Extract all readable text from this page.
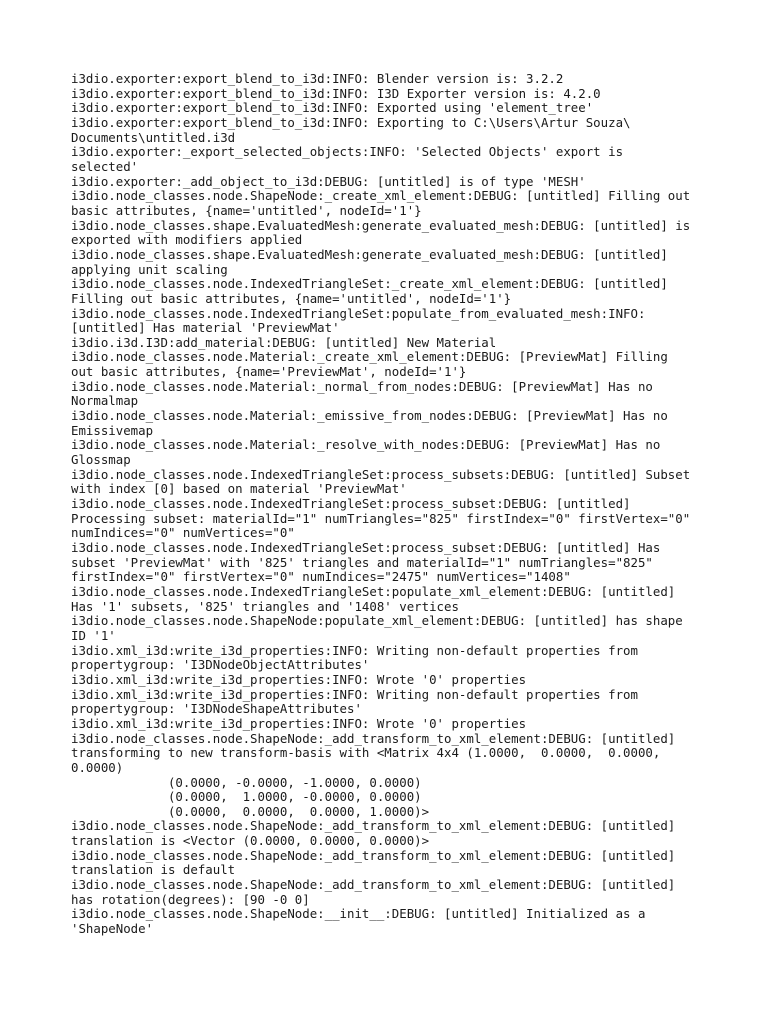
i3dio.exporter:export_blend_to_i3d:INFO: Blender version is: 3.2.2
i3dio.exporter:export_blend_to_i3d:INFO: I3D Exporter version is: 4.2.0
i3dio.exporter:export_blend_to_i3d:INFO: Exported using 'element_tree'
i3dio.exporter:export_blend_to_i3d:INFO: Exporting to C:\Users\Artur Souza\
Documents\untitled.i3d
i3dio.exporter:_export_selected_objects:INFO: 'Selected Objects' export is
selected'
i3dio.exporter:_add_object_to_i3d:DEBUG: [untitled] is of type 'MESH'
i3dio.node_classes.node.ShapeNode:_create_xml_element:DEBUG: [untitled] Filling out
basic attributes, {name='untitled', nodeId='1'}
i3dio.node_classes.shape.EvaluatedMesh:generate_evaluated_mesh:DEBUG: [untitled] is
exported with modifiers applied
i3dio.node_classes.shape.EvaluatedMesh:generate_evaluated_mesh:DEBUG: [untitled]
applying unit scaling
i3dio.node_classes.node.IndexedTriangleSet:_create_xml_element:DEBUG: [untitled]
Filling out basic attributes, {name='untitled', nodeId='1'}
i3dio.node_classes.node.IndexedTriangleSet:populate_from_evaluated_mesh:INFO:
[untitled] Has material 'PreviewMat'
i3dio.i3d.I3D:add_material:DEBUG: [untitled] New Material
i3dio.node_classes.node.Material:_create_xml_element:DEBUG: [PreviewMat] Filling
out basic attributes, {name='PreviewMat', nodeId='1'}
i3dio.node_classes.node.Material:_normal_from_nodes:DEBUG: [PreviewMat] Has no
Normalmap
i3dio.node_classes.node.Material:_emissive_from_nodes:DEBUG: [PreviewMat] Has no
Emissivemap
i3dio.node_classes.node.Material:_resolve_with_nodes:DEBUG: [PreviewMat] Has no
Glossmap
i3dio.node_classes.node.IndexedTriangleSet:process_subsets:DEBUG: [untitled] Subset
with index [0] based on material 'PreviewMat'
i3dio.node_classes.node.IndexedTriangleSet:process_subset:DEBUG: [untitled]
Processing subset: materialId="1" numTriangles="825" firstIndex="0" firstVertex="0"
numIndices="0" numVertices="0"
i3dio.node_classes.node.IndexedTriangleSet:process_subset:DEBUG: [untitled] Has
subset 'PreviewMat' with '825' triangles and materialId="1" numTriangles="825"
firstIndex="0" firstVertex="0" numIndices="2475" numVertices="1408"
i3dio.node_classes.node.IndexedTriangleSet:populate_xml_element:DEBUG: [untitled]
Has '1' subsets, '825' triangles and '1408' vertices
i3dio.node_classes.node.ShapeNode:populate_xml_element:DEBUG: [untitled] has shape
ID '1'
i3dio.xml_i3d:write_i3d_properties:INFO: Writing non-default properties from
propertygroup: 'I3DNodeObjectAttributes'
i3dio.xml_i3d:write_i3d_properties:INFO: Wrote '0' properties
i3dio.xml_i3d:write_i3d_properties:INFO: Writing non-default properties from
propertygroup: 'I3DNodeShapeAttributes'
i3dio.xml_i3d:write_i3d_properties:INFO: Wrote '0' properties
i3dio.node_classes.node.ShapeNode:_add_transform_to_xml_element:DEBUG: [untitled]
transforming to new transform-basis with <Matrix 4x4 (1.0000,  0.0000,  0.0000,
0.0000)
(0.0000, -0.0000, -1.0000, 0.0000)
(0.0000,  1.0000, -0.0000, 0.0000)
(0.0000,  0.0000,  0.0000, 1.0000)>
i3dio.node_classes.node.ShapeNode:_add_transform_to_xml_element:DEBUG: [untitled]
translation is <Vector (0.0000, 0.0000, 0.0000)>
i3dio.node_classes.node.ShapeNode:_add_transform_to_xml_element:DEBUG: [untitled]
translation is default
i3dio.node_classes.node.ShapeNode:_add_transform_to_xml_element:DEBUG: [untitled]
has rotation(degrees): [90 -0 0]
i3dio.node_classes.node.ShapeNode:__init__:DEBUG: [untitled] Initialized as a
'ShapeNode'
